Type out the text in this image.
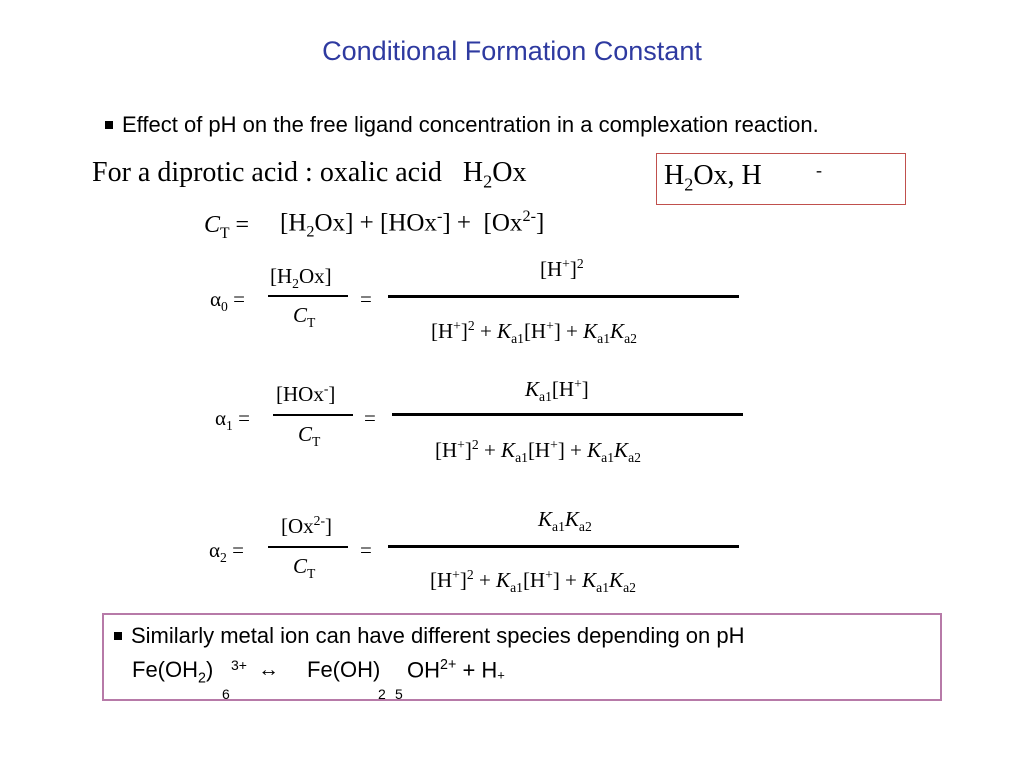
Conditional Formation Constant
Effect of pH on the free ligand concentration in a complexation reaction.
For a diprotic acid : oxalic acid $H_2Ox$	$H_2Ox$, H	-
$C_T = [H_2Ox] + [HOx^-] + [Ox^{2-}]$
$\alpha_0$ =
$[H_2Ox]$
$C_T$
=
$[H^+]^2$
$[H^+]^2 + K_{a1}[H^+] + K_{a1}K_{a2}$
$\alpha_1$ =
[HOx-]
$C_T$
=
$K_{a1}[H^+]$
$[H^+]^2 + K_{a1}[H^+] + K_{a1}K_{a2}$
$\alpha_2$ =
$[Ox^{2-}]$
$C_T$
=
$K_{a1}K_{a2}$
$[H^+]^2 + K_{a1}[H^+] + K_{a1}K_{a2}$
Similarly metal ion can have different species depending on pH
$Fe(OH_2)$
6
3+ ↔ Fe(OH)
2 5
$OH^{2+} + H+$
